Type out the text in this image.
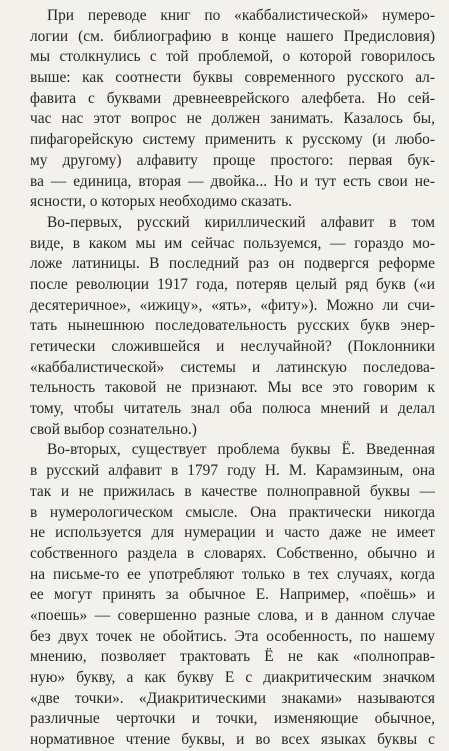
При переводе книг по «каббалистической» нумеро-
логии (см. библиографию в конце нашего Предисловия)
мы столкнулись с той проблемой, о которой говорилось
выше: как соотнести буквы современного русского ал-
фавита с буквами древнееврейского алефбета. Но сей-
час нас этот вопрос не должен занимать. Казалось бы,
пифагорейскую систему применить к русскому (и любо-
му другому) алфавиту проще простого: первая бук-
ва — единица, вторая — двойка... Но и тут есть свои не-
ясности, о которых необходимо сказать.
Во-первых, русский кириллический алфавит в том
виде, в каком мы им сейчас пользуемся, — гораздо мо-
ложе латиницы. В последний раз он подвергся реформе
после революции 1917 года, потеряв целый ряд букв («и
десятеричное», «ижицу», «ять», «фиту»). Можно ли счи-
тать нынешнюю последовательность русских букв энер-
гетически сложившейся и неслучайной? (Поклонники
«каббалистической» системы и латинскую последова-
тельность таковой не признают. Мы все это говорим к
тому, чтобы читатель знал оба полюса мнений и делал
свой выбор сознательно.)
Во-вторых, существует проблема буквы Ё. Введенная
в русский алфавит в 1797 году Н. М. Карамзиным, она
так и не прижилась в качестве полноправной буквы —
в нумерологическом смысле. Она практически никогда
не используется для нумерации и часто даже не имеет
собственного раздела в словарях. Собственно, обычно и
на письме-то ее употребляют только в тех случаях, когда
ее могут принять за обычное Е. Например, «поёшь» и
«поешь» — совершенно разные слова, и в данном случае
без двух точек не обойтись. Эта особенность, по нашему
мнению, позволяет трактовать Ё не как «полноправ-
ную» букву, а как букву Е с диакритическим значком
«две точки». «Диакритическими знаками» называются
различные черточки и точки, изменяющие обычное,
нормативное чтение буквы, и во всех языках буквы с
